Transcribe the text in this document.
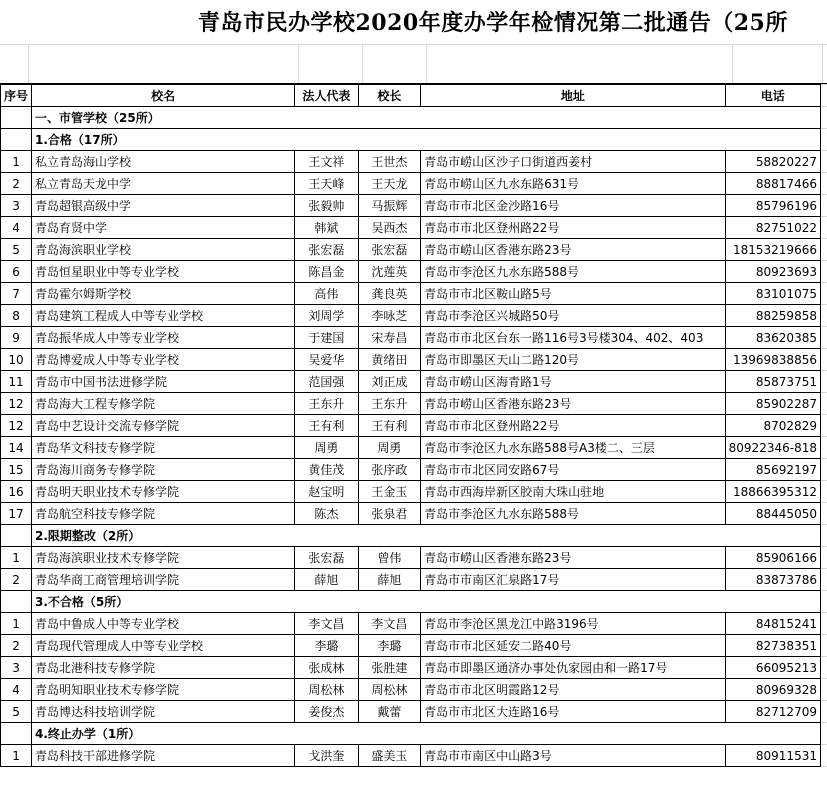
青岛市民办学校2020年度办学年检情况第二批通告（25所
序号	校名	法人代表	校长	地址	电话	
	一、市管学校（25所）					
	1.合格（17所）					
1	私立青岛海山学校	王文祥	王世杰	青岛市崂山区沙子口街道西姜村	58820227	
2	私立青岛天龙中学	王天峰	王天龙	青岛市崂山区九水东路631号	88817466	
3	青岛超银高级中学	张毅帅	马振辉	青岛市市北区金沙路16号	85796196	
4	青岛育贤中学	韩斌	吴西杰	青岛市市北区登州路22号	82751022	
5	青岛海滨职业学校	张宏磊	张宏磊	青岛市崂山区香港东路23号	18153219666	
6	青岛恒星职业中等专业学校	陈昌金	沈莲英	青岛市李沧区九水东路588号	80923693	
7	青岛霍尔姆斯学校	高伟	龚良英	青岛市市北区鞍山路5号	83101075	
8	青岛建筑工程成人中等专业学校	刘周学	李咏芝	青岛市李沧区兴城路50号	88259858	
9	青岛振华成人中等专业学校	于建国	宋寿昌	青岛市市北区台东一路116号3号楼304、402、403	83620385	
10	青岛博爱成人中等专业学校	吴爱华	黄绪田	青岛市即墨区天山二路120号	13969838856	
11	青岛市中国书法进修学院	范国强	刘正成	青岛市崂山区海青路1号	85873751	
12	青岛海大工程专修学院	王东升	王东升	青岛市崂山区香港东路23号	85902287	
12	青岛中艺设计交流专修学院	王有利	王有利	青岛市市北区登州路22号	8702829	
14	青岛华文科技专修学院	周勇	周勇	青岛市李沧区九水东路588号A3楼二、三层	80922346-818	
15	青岛海川商务专修学院	黄佳茂	张序政	青岛市市北区同安路67号	85692197	
16	青岛明天职业技术专修学院	赵宝明	王金玉	青岛市西海岸新区胶南大珠山驻地	18866395312	
17	青岛航空科技专修学院	陈杰	张泉君	青岛市李沧区九水东路588号	88445050	
	2.限期整改（2所）					
1	青岛海滨职业技术专修学院	张宏磊	曾伟	青岛市崂山区香港东路23号	85906166	
2	青岛华商工商管理培训学院	薛旭	薛旭	青岛市市南区汇泉路17号	83873786	
	3.不合格（5所）					
1	青岛中鲁成人中等专业学校	李文昌	李文昌	青岛市李沧区黑龙江中路3196号	84815241	
2	青岛现代管理成人中等专业学校	李璐	李璐	青岛市市北区延安二路40号	82738351	
3	青岛北港科技专修学院	张成林	张胜建	青岛市即墨区通济办事处仇家园由和一路17号	66095213	
4	青岛明知职业技术专修学院	周松林	周松林	青岛市市北区明霞路12号	80969328	
5	青岛博达科技培训学院	姜俊杰	戴蕾	青岛市市北区大连路16号	82712709	
	4.终止办学（1所）					
1	青岛科技干部进修学院	戈洪奎	盛美玉	青岛市市南区中山路3号	80911531	
